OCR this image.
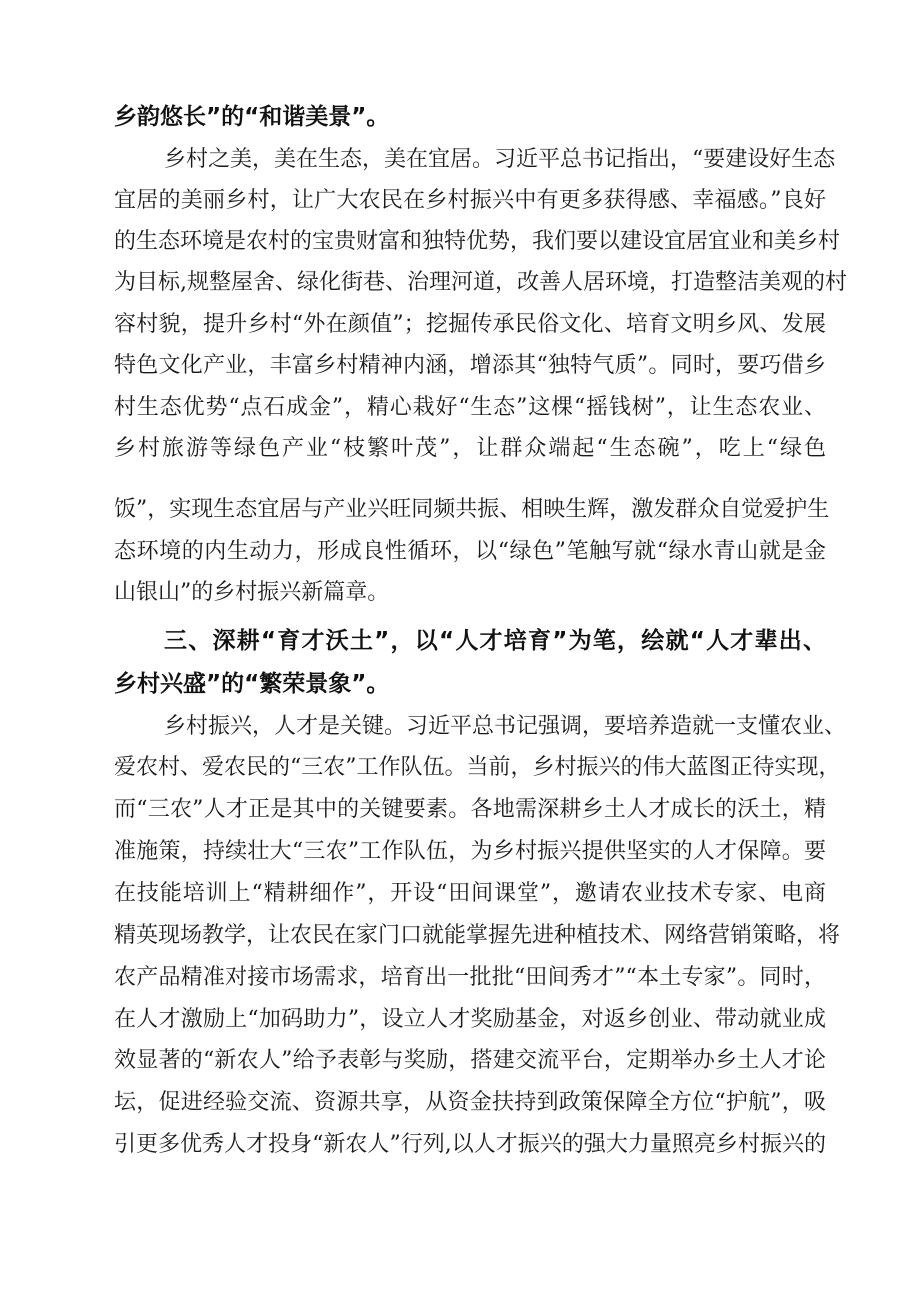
乡韵悠长”的“和谐美景”。
乡村之美，美在生态，美在宜居。习近平总书记指出，“要建设好生态
宜居的美丽乡村，让广大农民在乡村振兴中有更多获得感、幸福感。”良好
的生态环境是农村的宝贵财富和独特优势，我们要以建设宜居宜业和美乡村
为目标,规整屋舍、绿化街巷、治理河道，改善人居环境，打造整洁美观的村
容村貌，提升乡村“外在颜值”；挖掘传承民俗文化、培育文明乡风、发展
特色文化产业，丰富乡村精神内涵，增添其“独特气质”。同时，要巧借乡
村生态优势“点石成金”，精心栽好“生态”这棵“摇钱树”，让生态农业、
乡村旅游等绿色产业“枝繁叶茂”，让群众端起“生态碗”，吃上“绿色
饭”，实现生态宜居与产业兴旺同频共振、相映生辉，激发群众自觉爱护生
态环境的内生动力，形成良性循环，以“绿色”笔触写就“绿水青山就是金
山银山”的乡村振兴新篇章。
三、深耕“育才沃土”，以“人才培育”为笔，绘就“人才辈出、
乡村兴盛”的“繁荣景象”。
乡村振兴，人才是关键。习近平总书记强调，要培养造就一支懂农业、
爱农村、爱农民的“三农”工作队伍。当前，乡村振兴的伟大蓝图正待实现，
而“三农”人才正是其中的关键要素。各地需深耕乡土人才成长的沃土，精
准施策，持续壮大“三农”工作队伍，为乡村振兴提供坚实的人才保障。要
在技能培训上“精耕细作”，开设“田间课堂”，邀请农业技术专家、电商
精英现场教学，让农民在家门口就能掌握先进种植技术、网络营销策略，将
农产品精准对接市场需求，培育出一批批“田间秀才”“本土专家”。同时，
在人才激励上“加码助力”，设立人才奖励基金，对返乡创业、带动就业成
效显著的“新农人”给予表彰与奖励，搭建交流平台，定期举办乡土人才论
坛，促进经验交流、资源共享，从资金扶持到政策保障全方位“护航”，吸
引更多优秀人才投身“新农人”行列,以人才振兴的强大力量照亮乡村振兴的
